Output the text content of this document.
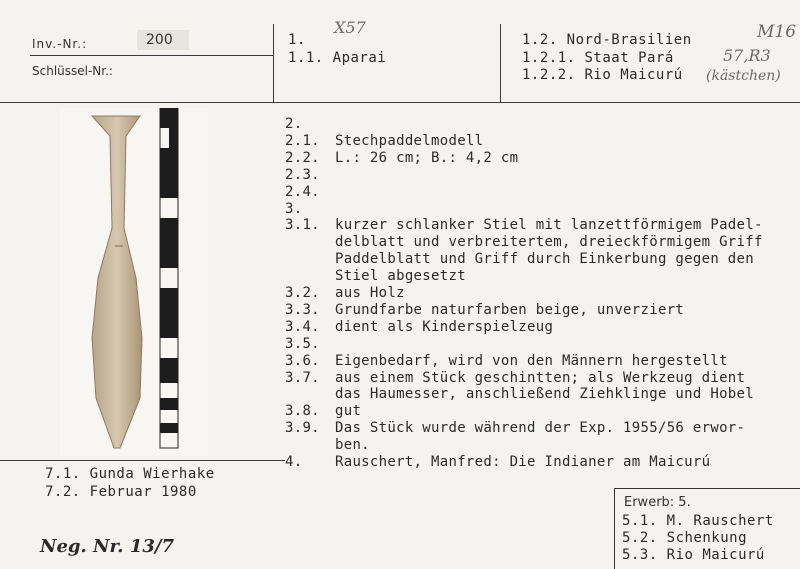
Inv.-Nr.:	200
Schlüssel-Nr.:
1.
X57
1.1. Aparai
1.2. Nord-Brasilien
1.2.1. Staat Pará
1.2.2. Rio Maicurú
M16
57,R3
(kästchen)
2.
2.1. Stechpaddelmodell
2.2. L.: 26 cm; B.: 4,2 cm
2.3.
2.4.
3.
3.1. kurzer schlanker Stiel mit lanzettförmigem Padel-
delblatt und verbreitertem, dreieckförmigem Griff
Paddelblatt und Griff durch Einkerbung gegen den
Stiel abgesetzt
3.2. aus Holz
3.3. Grundfarbe naturfarben beige, unverziert
3.4. dient als Kinderspielzeug
3.5.
3.6. Eigenbedarf, wird von den Männern hergestellt
3.7. aus einem Stück geschintten; als Werkzeug dient
das Haumesser, anschließend Ziehklinge und Hobel
3.8. gut
3.9. Das Stück wurde während der Exp. 1955/56 erwor-
ben.
4. Rauschert, Manfred: Die Indianer am Maicurú
7.1. Gunda Wierhake
7.2. Februar 1980
Neg. Nr. 13/7
Erwerb: 5.
5.1. M. Rauschert
5.2. Schenkung
5.3. Rio Maicurú
